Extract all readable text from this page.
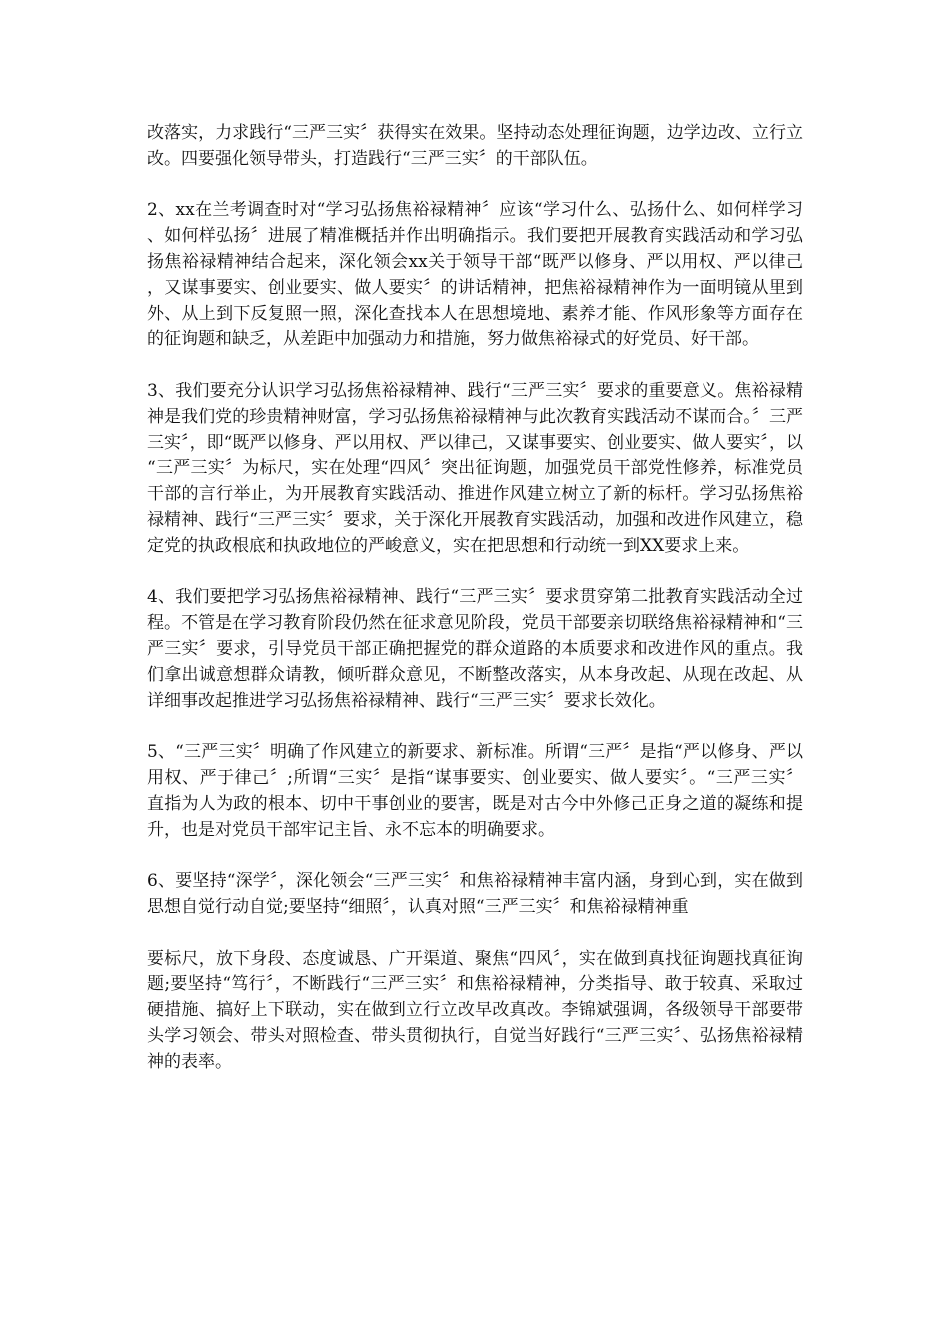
改落实，力求践行“三严三实〞获得实在效果。坚持动态处理征询题，边学边改、立行立改。四要强化领导带头，打造践行“三严三实〞的干部队伍。

2、xx在兰考调查时对“学习弘扬焦裕禄精神〞应该“学习什么、弘扬什么、如何样学习、如何样弘扬〞进展了精准概括并作出明确指示。我们要把开展教育实践活动和学习弘扬焦裕禄精神结合起来，深化领会xx关于领导干部“既严以修身、严以用权、严以律己，又谋事要实、创业要实、做人要实〞的讲话精神，把焦裕禄精神作为一面明镜从里到外、从上到下反复照一照，深化查找本人在思想境地、素养才能、作风形象等方面存在的征询题和缺乏，从差距中加强动力和措施，努力做焦裕禄式的好党员、好干部。

3、我们要充分认识学习弘扬焦裕禄精神、践行“三严三实〞要求的重要意义。焦裕禄精神是我们党的珍贵精神财富，学习弘扬焦裕禄精神与此次教育实践活动不谋而合。〞三严三实〞，即“既严以修身、严以用权、严以律己，又谋事要实、创业要实、做人要实〞，以“三严三实〞为标尺，实在处理“四风〞突出征询题，加强党员干部党性修养，标准党员干部的言行举止，为开展教育实践活动、推进作风建立树立了新的标杆。学习弘扬焦裕禄精神、践行“三严三实〞要求，关于深化开展教育实践活动，加强和改进作风建立，稳定党的执政根底和执政地位的严峻意义，实在把思想和行动统一到XX要求上来。

4、我们要把学习弘扬焦裕禄精神、践行“三严三实〞要求贯穿第二批教育实践活动全过程。不管是在学习教育阶段仍然在征求意见阶段，党员干部要亲切联络焦裕禄精神和“三严三实〞要求，引导党员干部正确把握党的群众道路的本质要求和改进作风的重点。我们拿出诚意想群众请教，倾听群众意见，不断整改落实，从本身改起、从现在改起、从详细事改起推进学习弘扬焦裕禄精神、践行“三严三实〞要求长效化。

5、“三严三实〞明确了作风建立的新要求、新标准。所谓“三严〞是指“严以修身、严以用权、严于律己〞;所谓“三实〞是指“谋事要实、创业要实、做人要实〞。“三严三实〞 直指为人为政的根本、切中干事创业的要害，既是对古今中外修己正身之道的凝练和提升，也是对党员干部牢记主旨、永不忘本的明确要求。

6、要坚持“深学〞，深化领会“三严三实〞和焦裕禄精神丰富内涵，身到心到，实在做到思想自觉行动自觉;要坚持“细照〞，认真对照“三严三实〞和焦裕禄精神重

要标尺，放下身段、态度诚恳、广开渠道、聚焦“四风〞，实在做到真找征询题找真征询题;要坚持“笃行〞，不断践行“三严三实〞和焦裕禄精神，分类指导、敢于较真、采取过硬措施、搞好上下联动，实在做到立行立改早改真改。李锦斌强调，各级领导干部要带头学习领会、带头对照检查、带头贯彻执行，自觉当好践行“三严三实〞、弘扬焦裕禄精神的表率。
